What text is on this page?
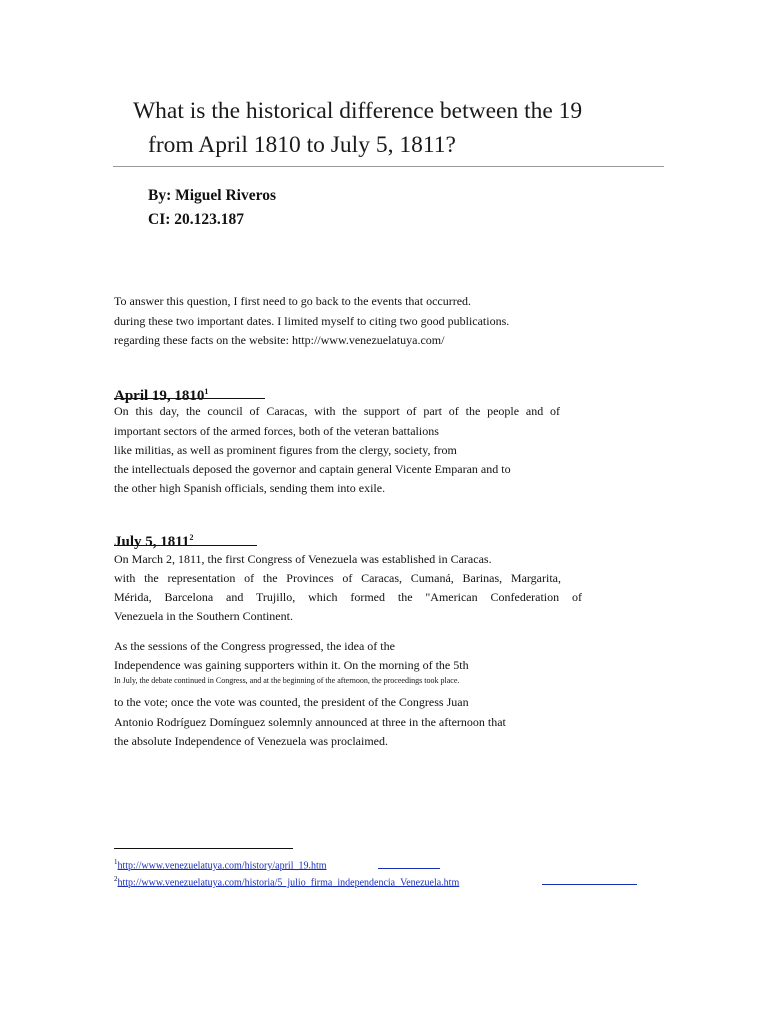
What is the historical difference between the 19
from April 1810 to July 5, 1811?
By: Miguel Riveros
CI: 20.123.187
To answer this question, I first need to go back to the events that occurred.
during these two important dates. I limited myself to citing two good publications.
regarding these facts on the website: http://www.venezuelatuya.com/
April 19, 1810$^1$
On this day, the council of Caracas, with the support of part of the people and of
important sectors of the armed forces, both of the veteran battalions
like militias, as well as prominent figures from the clergy, society, from
the intellectuals deposed the governor and captain general Vicente Emparan and to
the other high Spanish officials, sending them into exile.
July 5, 1811$^2$
On March 2, 1811, the first Congress of Venezuela was established in Caracas.
with the representation of the Provinces of Caracas, Cumaná, Barinas, Margarita,
Mérida, Barcelona and Trujillo, which formed the "American Confederation of
Venezuela in the Southern Continent.
As the sessions of the Congress progressed, the idea of the
Independence was gaining supporters within it. On the morning of the 5th
In July, the debate continued in Congress, and at the beginning of the afternoon, the proceedings took place.
to the vote; once the vote was counted, the president of the Congress Juan
Antonio Rodríguez Domínguez solemnly announced at three in the afternoon that
the absolute Independence of Venezuela was proclaimed.
$^1$http://www.venezuelatuya.com/history/april_19.htm
$^2$http://www.venezuelatuya.com/historia/5_julio_firma_independencia_Venezuela.htm
